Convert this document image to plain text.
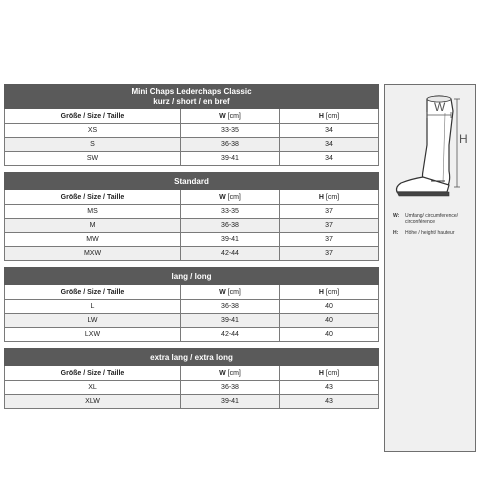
Mini Chaps Lederchaps Classic
kurz / short / en bref		

Größe / Size / Taille	W [cm]	H [cm]
XS	33-35	34
S	36-38	34
SW	39-41	34
Standard		

Größe / Size / Taille	W [cm]	H [cm]
MS	33-35	37
M	36-38	37
MW	39-41	37
MXW	42-44	37
lang / long		

Größe / Size / Taille	W [cm]	H [cm]
L	36-38	40
LW	39-41	40
LXW	42-44	40
extra lang / extra long		

Größe / Size / Taille	W [cm]	H [cm]
XL	36-38	43
XLW	39-41	43
W
H
W:	Umfang/ circumference/ circonférence
H:	Höhe / height/ hauteur
